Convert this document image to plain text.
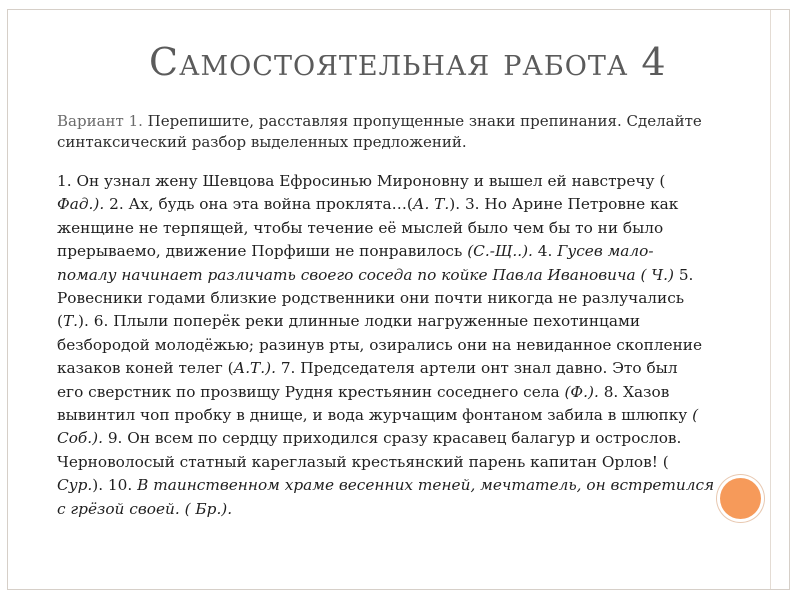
Самостоятельная работа 4

Вариант 1. Перепишите, расставляя пропущенные знаки препинания. Сделайте синтаксический разбор выделенных предложений.

1. Он узнал жену Шевцова Ефросинью Мироновну и вышел ей навстречу (
Фад.). 2. Ах, будь она эта война проклята…(А. Т.). 3. Но Арине Петровне как
женщине не терпящей, чтобы течение её мыслей было чем бы то ни было
прерываемо, движение Порфиши не понравилось (С.-Щ..). 4. Гусев мало-
помалу начинает различать своего соседа по койке Павла Ивановича ( Ч.) 5.
Ровесники годами близкие родственники они почти никогда не разлучались
(Т.). 6. Плыли поперёк реки длинные лодки нагруженные пехотинцами
безбородой молодёжью; разинув рты, озирались они на невиданное скопление
казаков коней телег (А.Т.). 7. Председателя артели онт знал давно. Это был
его сверстник по прозвищу Рудня крестьянин соседнего села (Ф.). 8. Хазов
вывинтил чоп пробку в днище, и вода журчащим фонтаном забила в шлюпку (
Соб.). 9. Он всем по сердцу приходился сразу красавец балагур и острослов.
Черноволосый статный кареглазый крестьянский парень капитан Орлов! (
Сур.). 10. В таинственном храме весенних теней, мечтатель, он встретился
с грёзой своей. ( Бр.).
